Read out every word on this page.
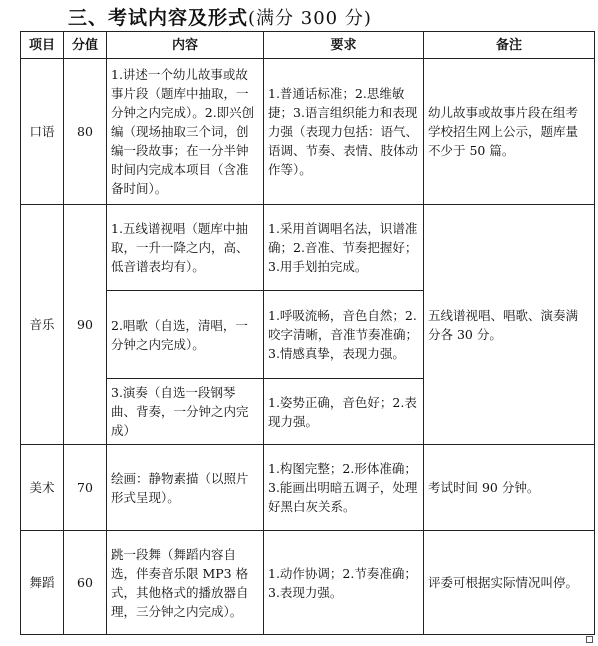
三、考试内容及形式(满分 300 分)
项目	分值	内容	要求	备注
口语	80	1.讲述一个幼儿故事或故事片段（题库中抽取，一分钟之内完成）。2.即兴创编（现场抽取三个词，创编一段故事；在一分半钟时间内完成本项目（含准备时间）。	1.普通话标准；2.思维敏捷；3.语言组织能力和表现力强（表现力包括：语气、语调、节奏、表情、肢体动作等）。	幼儿故事或故事片段在组考学校招生网上公示，题库量不少于 50 篇。
音乐	90	1.五线谱视唱（题库中抽取，一升一降之内，高、低音谱表均有）。	1.采用首调唱名法，识谱准确；2.音准、节奏把握好；3.用手划拍完成。	五线谱视唱、唱歌、演奏满分各 30 分。
		2.唱歌（自选，清唱，一分钟之内完成）。	1.呼吸流畅，音色自然；2.咬字清晰，音准节奏准确；3.情感真挚，表现力强。	
		3.演奏（自选一段钢琴曲、背奏，一分钟之内完成）	1.姿势正确，音色好；2.表现力强。	
美术	70	绘画：静物素描（以照片形式呈现）。	1.构图完整；2.形体准确；3.能画出明暗五调子，处理好黑白灰关系。	考试时间 90 分钟。
舞蹈	60	跳一段舞（舞蹈内容自选，伴奏音乐限 MP3 格式，其他格式的播放器自理，三分钟之内完成）。	1.动作协调；2.节奏准确；3.表现力强。	评委可根据实际情况叫停。
